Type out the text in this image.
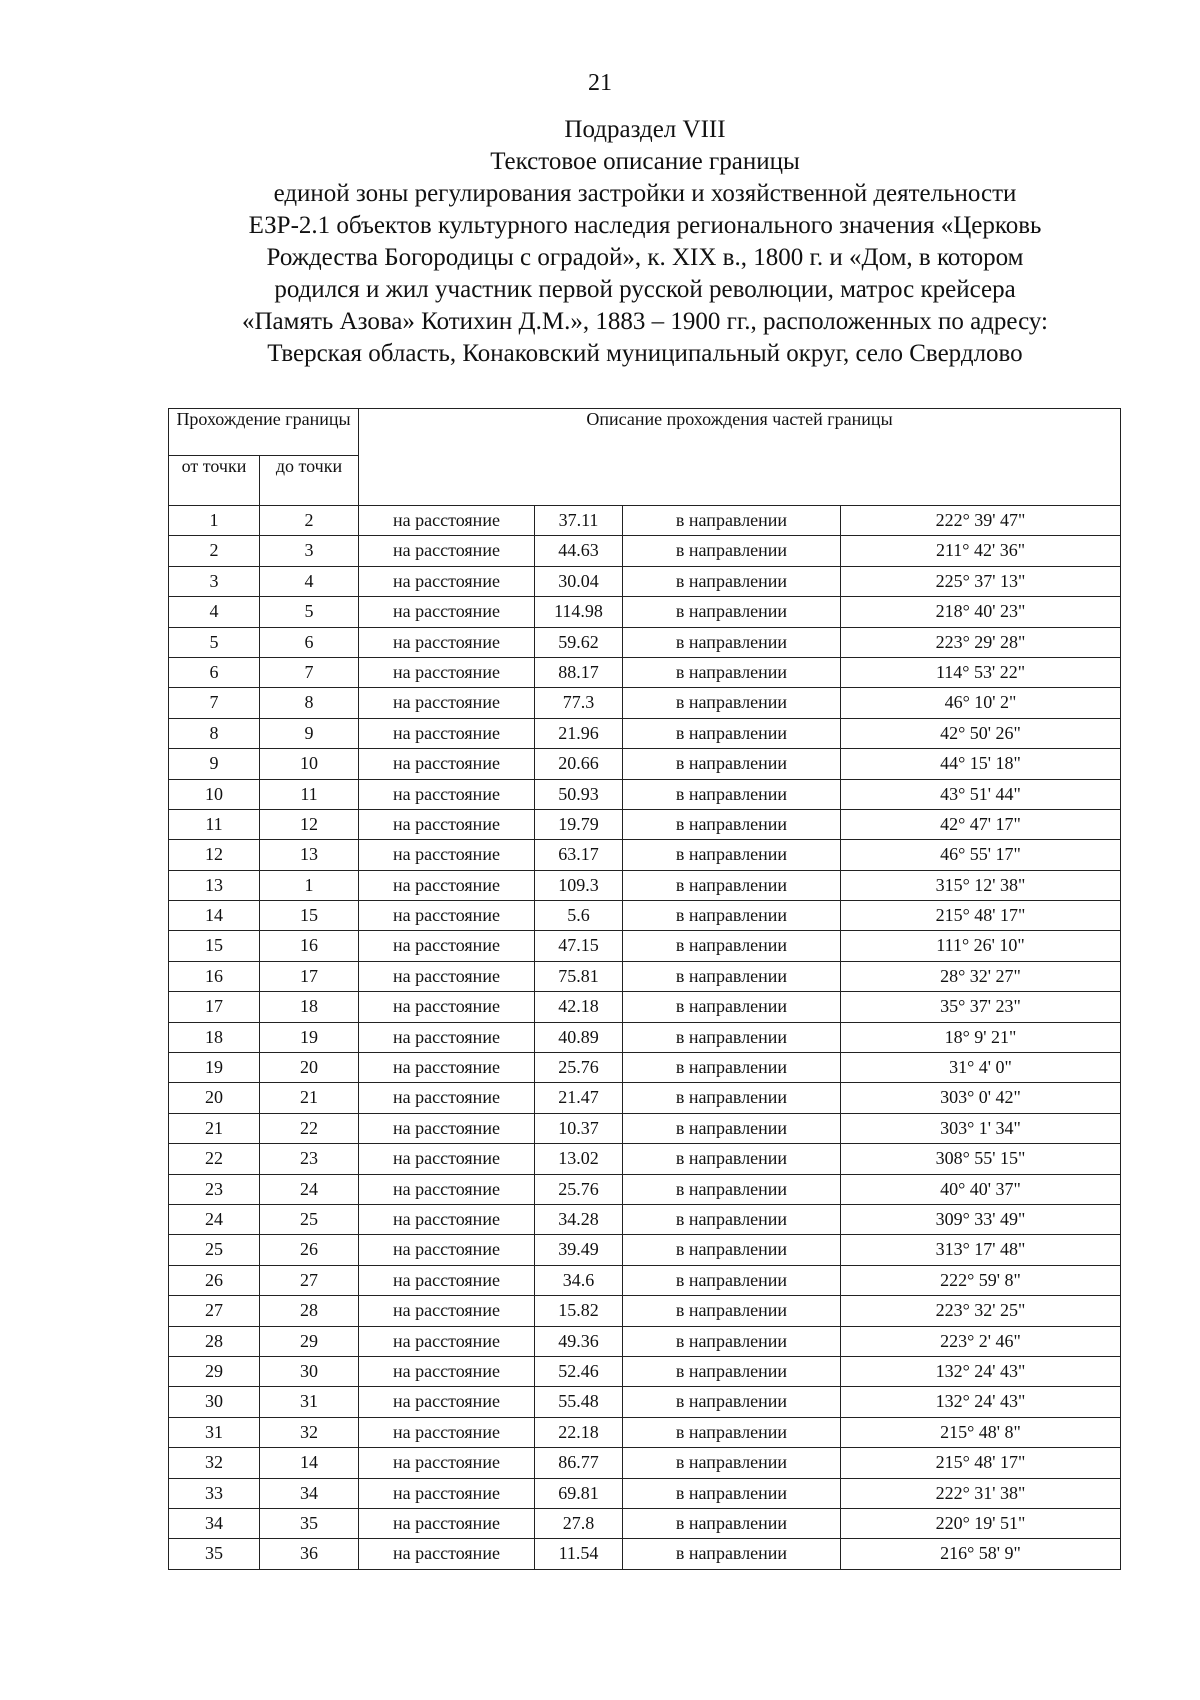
21
Подраздел VIII
Текстовое описание границы
единой зоны регулирования застройки и хозяйственной деятельности
ЕЗР-2.1 объектов культурного наследия регионального значения «Церковь
Рождества Богородицы с оградой», к. XIX в., 1800 г. и «Дом, в котором
родился и жил участник первой русской революции, матрос крейсера
«Память Азова» Котихин Д.М.», 1883 – 1900 гг., расположенных по адресу:
Тверская область, Конаковский муниципальный округ, село Свердлово
Прохождение границы		Описание прохождения частей границы			
от точки	до точки				
1	2	на расстояние	37.11	в направлении	222° 39' 47"
2	3	на расстояние	44.63	в направлении	211° 42' 36"
3	4	на расстояние	30.04	в направлении	225° 37' 13"
4	5	на расстояние	114.98	в направлении	218° 40' 23"
5	6	на расстояние	59.62	в направлении	223° 29' 28"
6	7	на расстояние	88.17	в направлении	114° 53' 22"
7	8	на расстояние	77.3	в направлении	46° 10' 2"
8	9	на расстояние	21.96	в направлении	42° 50' 26"
9	10	на расстояние	20.66	в направлении	44° 15' 18"
10	11	на расстояние	50.93	в направлении	43° 51' 44"
11	12	на расстояние	19.79	в направлении	42° 47' 17"
12	13	на расстояние	63.17	в направлении	46° 55' 17"
13	1	на расстояние	109.3	в направлении	315° 12' 38"
14	15	на расстояние	5.6	в направлении	215° 48' 17"
15	16	на расстояние	47.15	в направлении	111° 26' 10"
16	17	на расстояние	75.81	в направлении	28° 32' 27"
17	18	на расстояние	42.18	в направлении	35° 37' 23"
18	19	на расстояние	40.89	в направлении	18° 9' 21"
19	20	на расстояние	25.76	в направлении	31° 4' 0"
20	21	на расстояние	21.47	в направлении	303° 0' 42"
21	22	на расстояние	10.37	в направлении	303° 1' 34"
22	23	на расстояние	13.02	в направлении	308° 55' 15"
23	24	на расстояние	25.76	в направлении	40° 40' 37"
24	25	на расстояние	34.28	в направлении	309° 33' 49"
25	26	на расстояние	39.49	в направлении	313° 17' 48"
26	27	на расстояние	34.6	в направлении	222° 59' 8"
27	28	на расстояние	15.82	в направлении	223° 32' 25"
28	29	на расстояние	49.36	в направлении	223° 2' 46"
29	30	на расстояние	52.46	в направлении	132° 24' 43"
30	31	на расстояние	55.48	в направлении	132° 24' 43"
31	32	на расстояние	22.18	в направлении	215° 48' 8"
32	14	на расстояние	86.77	в направлении	215° 48' 17"
33	34	на расстояние	69.81	в направлении	222° 31' 38"
34	35	на расстояние	27.8	в направлении	220° 19' 51"
35	36	на расстояние	11.54	в направлении	216° 58' 9"
